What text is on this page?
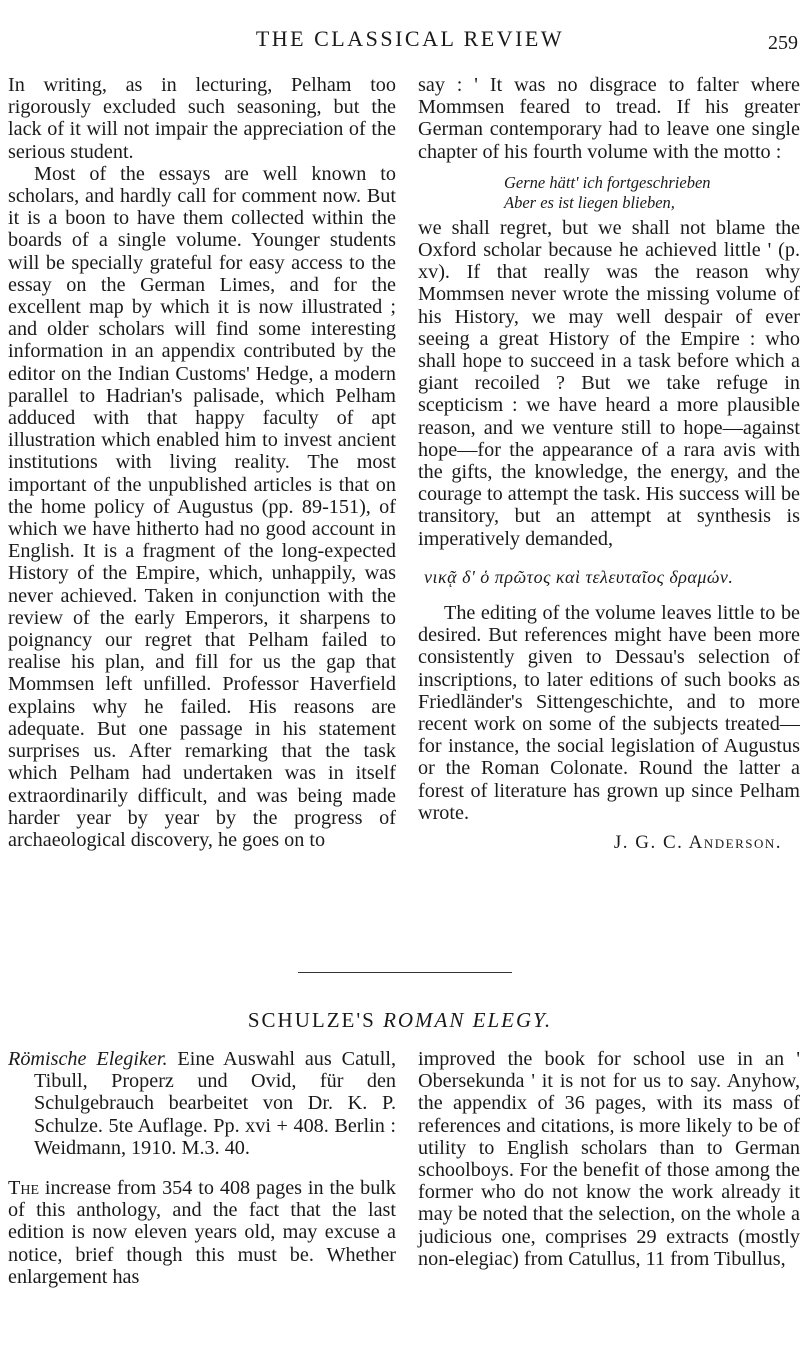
THE CLASSICAL REVIEW	259

In writing, as in lecturing, Pelham too rigorously excluded such seasoning, but the lack of it will not impair the appreciation of the serious student.

Most of the essays are well known to scholars, and hardly call for comment now. But it is a boon to have them collected within the boards of a single volume. Younger students will be specially grateful for easy access to the essay on the German Limes, and for the excellent map by which it is now illustrated ; and older scholars will find some interesting information in an appendix contributed by the editor on the Indian Customs' Hedge, a modern parallel to Hadrian's palisade, which Pelham adduced with that happy faculty of apt illustration which enabled him to invest ancient institutions with living reality. The most important of the unpublished articles is that on the home policy of Augustus (pp. 89-151), of which we have hitherto had no good account in English. It is a fragment of the long-expected History of the Empire, which, unhappily, was never achieved. Taken in conjunction with the review of the early Emperors, it sharpens to poignancy our regret that Pelham failed to realise his plan, and fill for us the gap that Mommsen left unfilled. Professor Haverfield explains why he failed. His reasons are adequate. But one passage in his statement surprises us. After remarking that the task which Pelham had undertaken was in itself extraordinarily difficult, and was being made harder year by year by the progress of archaeological discovery, he goes on to

say : ' It was no disgrace to falter where Mommsen feared to tread. If his greater German contemporary had to leave one single chapter of his fourth volume with the motto :

Gerne hätt' ich fortgeschrieben
Aber es ist liegen blieben,

we shall regret, but we shall not blame the Oxford scholar because he achieved little ' (p. xv). If that really was the reason why Mommsen never wrote the missing volume of his History, we may well despair of ever seeing a great History of the Empire : who shall hope to succeed in a task before which a giant recoiled ? But we take refuge in scepticism : we have heard a more plausible reason, and we venture still to hope—against hope—for the appearance of a rara avis with the gifts, the knowledge, the energy, and the courage to attempt the task. His success will be transitory, but an attempt at synthesis is imperatively demanded,

νικᾷ δ' ὁ πρῶτος καὶ τελευταῖος δραμών.

The editing of the volume leaves little to be desired. But references might have been more consistently given to Dessau's selection of inscriptions, to later editions of such books as Friedländer's Sittengeschichte, and to more recent work on some of the subjects treated—for instance, the social legislation of Augustus or the Roman Colonate. Round the latter a forest of literature has grown up since Pelham wrote.

J. G. C. Anderson.
SCHULZE'S ROMAN ELEGY.

Römische Elegiker. Eine Auswahl aus Catull, Tibull, Properz und Ovid, für den Schulgebrauch bearbeitet von Dr. K. P. Schulze. 5te Auflage. Pp. xvi + 408. Berlin : Weidmann, 1910. M.3. 40.

The increase from 354 to 408 pages in the bulk of this anthology, and the fact that the last edition is now eleven years old, may excuse a notice, brief though this must be. Whether enlargement has

improved the book for school use in an ' Obersekunda ' it is not for us to say. Anyhow, the appendix of 36 pages, with its mass of references and citations, is more likely to be of utility to English scholars than to German schoolboys. For the benefit of those among the former who do not know the work already it may be noted that the selection, on the whole a judicious one, comprises 29 extracts (mostly non-elegiac) from Catullus, 11 from Tibullus,
